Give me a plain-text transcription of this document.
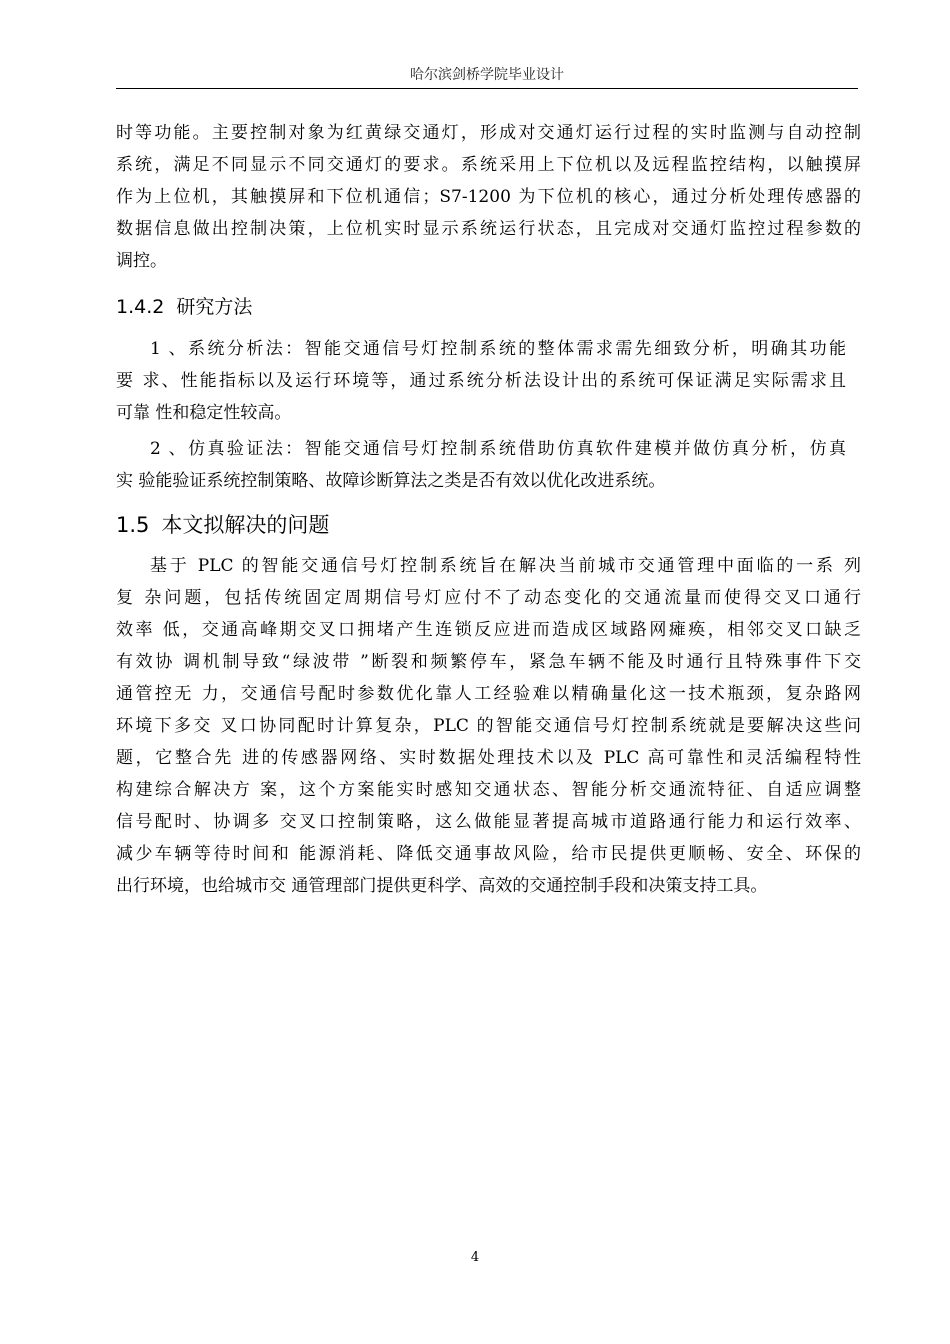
哈尔滨剑桥学院毕业设计
时等功能。主要控制对象为红黄绿交通灯，形成对交通灯运行过程的实时监测与自动控制
系统，满足不同显示不同交通灯的要求。系统采用上下位机以及远程监控结构，以触摸屏
作为上位机，其触摸屏和下位机通信；S7-1200 为下位机的核心，通过分析处理传感器的
数据信息做出控制决策，上位机实时显示系统运行状态，且完成对交通灯监控过程参数的
调控。
1.4.2 研究方法
1 、系统分析法：智能交通信号灯控制系统的整体需求需先细致分析，明确其功能
要 求、性能指标以及运行环境等，通过系统分析法设计出的系统可保证满足实际需求且
可靠 性和稳定性较高。
2 、仿真验证法：智能交通信号灯控制系统借助仿真软件建模并做仿真分析，仿真
实 验能验证系统控制策略、故障诊断算法之类是否有效以优化改进系统。
1.5 本文拟解决的问题
基于 PLC 的智能交通信号灯控制系统旨在解决当前城市交通管理中面临的一系 列
复 杂问题，包括传统固定周期信号灯应付不了动态变化的交通流量而使得交叉口通行
效率 低，交通高峰期交叉口拥堵产生连锁反应进而造成区域路网瘫痪，相邻交叉口缺乏
有效协 调机制导致“绿波带 ”断裂和频繁停车，紧急车辆不能及时通行且特殊事件下交
通管控无 力，交通信号配时参数优化靠人工经验难以精确量化这一技术瓶颈，复杂路网
环境下多交 叉口协同配时计算复杂，PLC 的智能交通信号灯控制系统就是要解决这些问
题，它整合先 进的传感器网络、实时数据处理技术以及 PLC 高可靠性和灵活编程特性
构建综合解决方 案，这个方案能实时感知交通状态、智能分析交通流特征、自适应调整
信号配时、协调多 交叉口控制策略，这么做能显著提高城市道路通行能力和运行效率、
减少车辆等待时间和 能源消耗、降低交通事故风险，给市民提供更顺畅、安全、环保的
出行环境，也给城市交 通管理部门提供更科学、高效的交通控制手段和决策支持工具。
4
